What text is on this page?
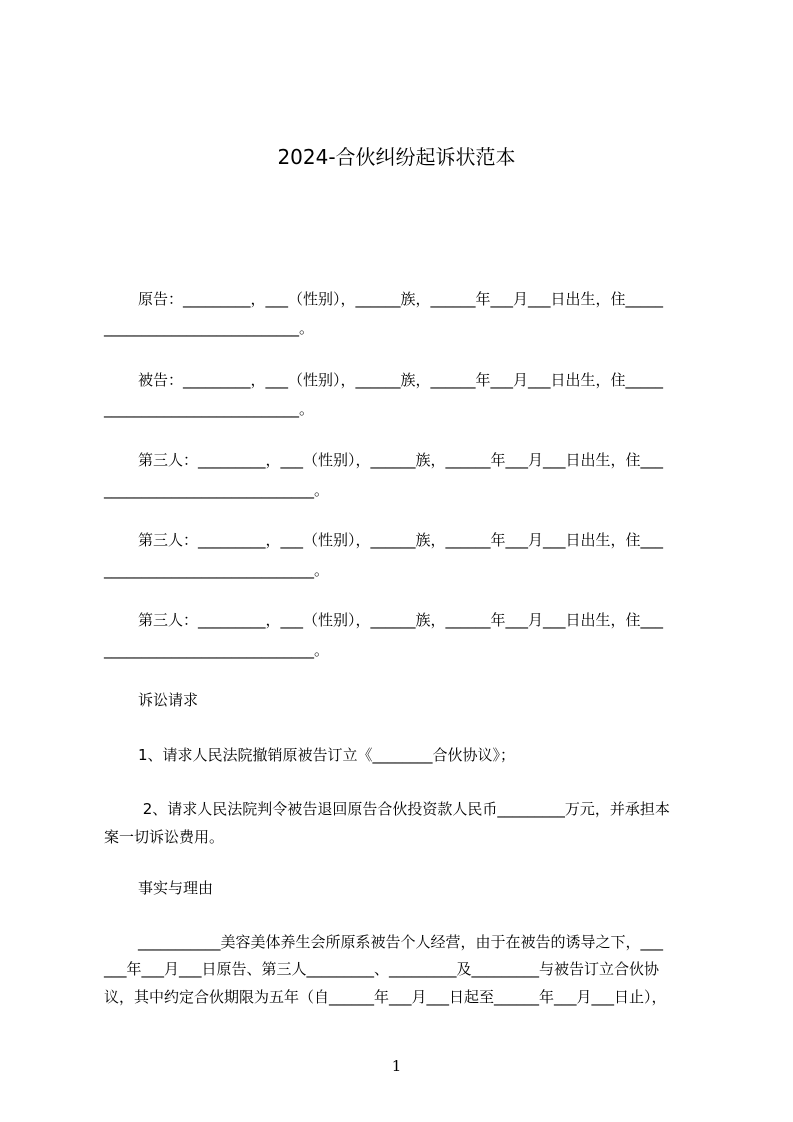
2024-合伙纠纷起诉状范本
原告：_________，___（性别），______族，______年___月___日出生，住_____
__________________________。
被告：_________，___（性别），______族，______年___月___日出生，住_____
__________________________。
第三人：_________，___（性别），______族，______年___月___日出生，住___
____________________________。
第三人：_________，___（性别），______族，______年___月___日出生，住___
____________________________。
第三人：_________，___（性别），______族，______年___月___日出生，住___
____________________________。
诉讼请求
1、请求人民法院撤销原被告订立《________合伙协议》；
2、请求人民法院判令被告退回原告合伙投资款人民币_________万元，并承担本
案一切诉讼费用。
事实与理由
___________美容美体养生会所原系被告个人经营，由于在被告的诱导之下，___
___年___月___日原告、第三人_________、_________及_________与被告订立合伙协
议，其中约定合伙期限为五年（自______年___月___日起至______年___月___日止），
1
